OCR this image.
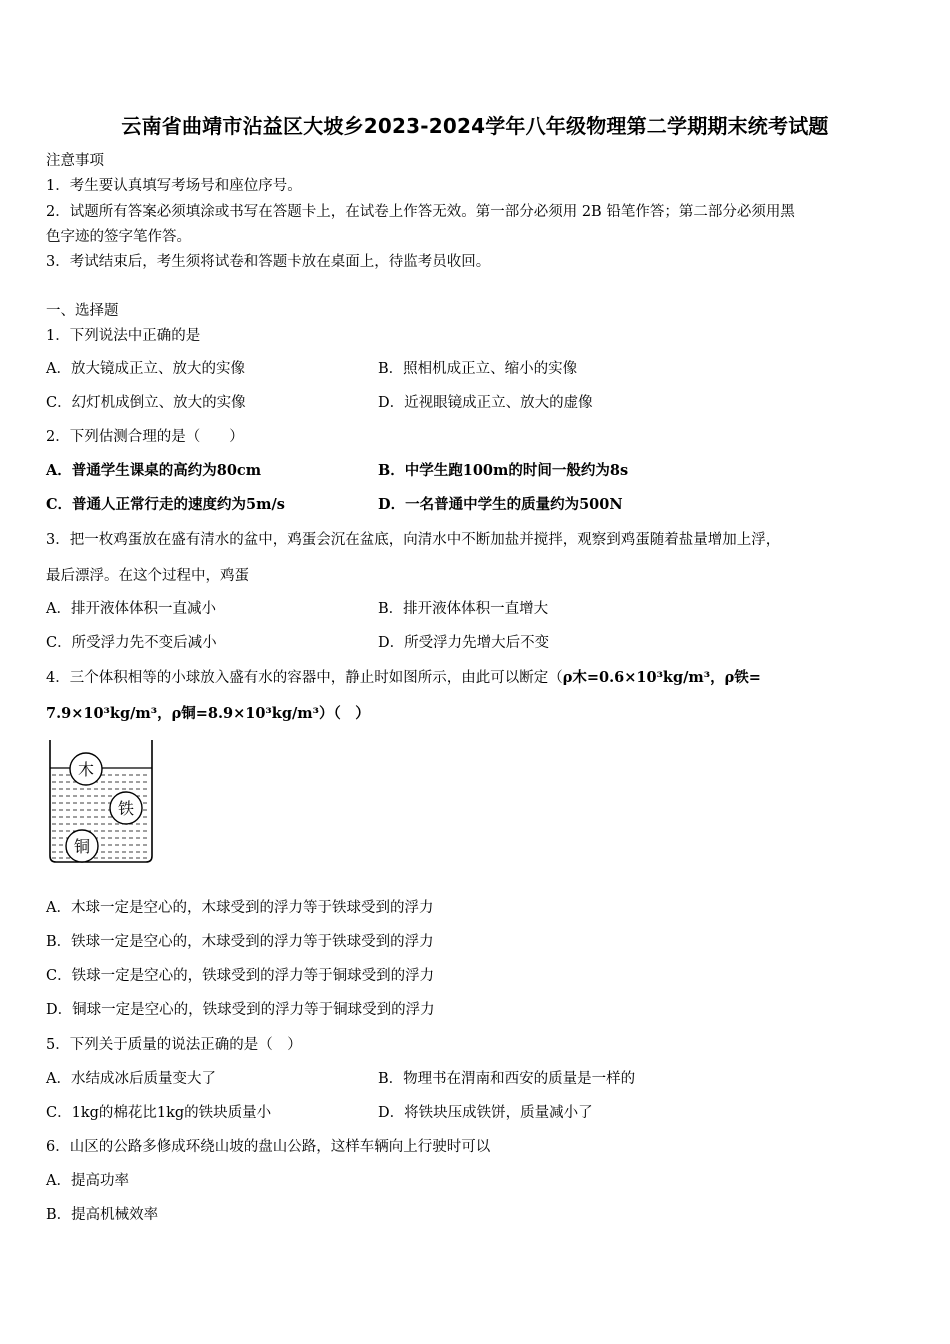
云南省曲靖市沾益区大坡乡2023-2024学年八年级物理第二学期期末统考试题
注意事项
1．考生要认真填写考场号和座位序号。
2．试题所有答案必须填涂或书写在答题卡上，在试卷上作答无效。第一部分必须用 2B 铅笔作答；第二部分必须用黑
色字迹的签字笔作答。
3．考试结束后，考生须将试卷和答题卡放在桌面上，待监考员收回。
一、选择题
1．下列说法中正确的是
A．放大镜成正立、放大的实像	B．照相机成正立、缩小的实像
C．幻灯机成倒立、放大的实像	D．近视眼镜成正立、放大的虚像
2．下列估测合理的是（　　）
A．普通学生课桌的高约为80cm	B．中学生跑100m的时间一般约为8s
C．普通人正常行走的速度约为5m/s	D．一名普通中学生的质量约为500N
3．把一枚鸡蛋放在盛有清水的盆中，鸡蛋会沉在盆底，向清水中不断加盐并搅拌，观察到鸡蛋随着盐量增加上浮，
最后漂浮。在这个过程中，鸡蛋
A．排开液体体积一直减小	B．排开液体体积一直增大
C．所受浮力先不变后减小	D．所受浮力先增大后不变
4．三个体积相等的小球放入盛有水的容器中，静止时如图所示，由此可以断定（ρ木=0.6×10³kg/m³，ρ铁=
7.9×10³kg/m³，ρ铜=8.9×10³kg/m³）（　）
木
铁
铜
A．木球一定是空心的，木球受到的浮力等于铁球受到的浮力
B．铁球一定是空心的，木球受到的浮力等于铁球受到的浮力
C．铁球一定是空心的，铁球受到的浮力等于铜球受到的浮力
D．铜球一定是空心的，铁球受到的浮力等于铜球受到的浮力
5．下列关于质量的说法正确的是（　）
A．水结成冰后质量变大了	B．物理书在渭南和西安的质量是一样的
C．1kg的棉花比1kg的铁块质量小	D．将铁块压成铁饼，质量减小了
6．山区的公路多修成环绕山坡的盘山公路，这样车辆向上行驶时可以
A．提高功率
B．提高机械效率
